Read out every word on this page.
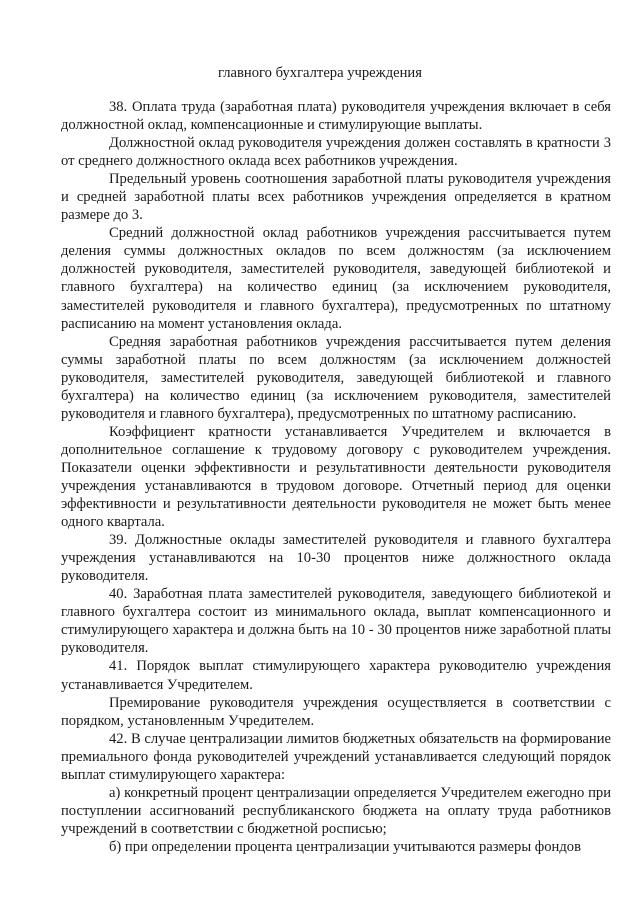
главного бухгалтера учреждения

38. Оплата труда (заработная плата) руководителя учреждения включает в себя должностной оклад, компенсационные и стимулирующие выплаты.

Должностной оклад руководителя учреждения должен составлять в кратности 3 от среднего должностного оклада всех работников учреждения.

Предельный уровень соотношения заработной платы руководителя учреждения и средней заработной платы всех работников учреждения определяется в кратном размере до 3.

Средний должностной оклад работников учреждения рассчитывается путем деления суммы должностных окладов по всем должностям (за исключением должностей руководителя, заместителей руководителя, заведующей библиотекой и главного бухгалтера) на количество единиц (за исключением руководителя, заместителей руководителя и главного бухгалтера), предусмотренных по штатному расписанию на момент установления оклада.

Средняя заработная работников учреждения рассчитывается путем деления суммы заработной платы по всем должностям (за исключением должностей руководителя, заместителей руководителя, заведующей библиотекой и главного бухгалтера) на количество единиц (за исключением руководителя, заместителей руководителя и главного бухгалтера), предусмотренных по штатному расписанию.

Коэффициент кратности устанавливается Учредителем и включается в дополнительное соглашение к трудовому договору с руководителем учреждения. Показатели оценки эффективности и результативности деятельности руководителя учреждения устанавливаются в трудовом договоре. Отчетный период для оценки эффективности и результативности деятельности руководителя не может быть менее одного квартала.

39. Должностные оклады заместителей руководителя и главного бухгалтера учреждения устанавливаются на 10-30 процентов ниже должностного оклада руководителя.

40. Заработная плата заместителей руководителя, заведующего библиотекой и главного бухгалтера состоит из минимального оклада, выплат компенсационного и стимулирующего характера и должна быть на 10 - 30 процентов ниже заработной платы руководителя.

41. Порядок выплат стимулирующего характера руководителю учреждения устанавливается Учредителем.

Премирование руководителя учреждения осуществляется в соответствии с порядком, установленным Учредителем.

42. В случае централизации лимитов бюджетных обязательств на формирование премиального фонда руководителей учреждений устанавливается следующий порядок выплат стимулирующего характера:

а) конкретный процент централизации определяется Учредителем ежегодно при поступлении ассигнований республиканского бюджета на оплату труда работников учреждений в соответствии с бюджетной росписью;

б) при определении процента централизации учитываются размеры фондов
